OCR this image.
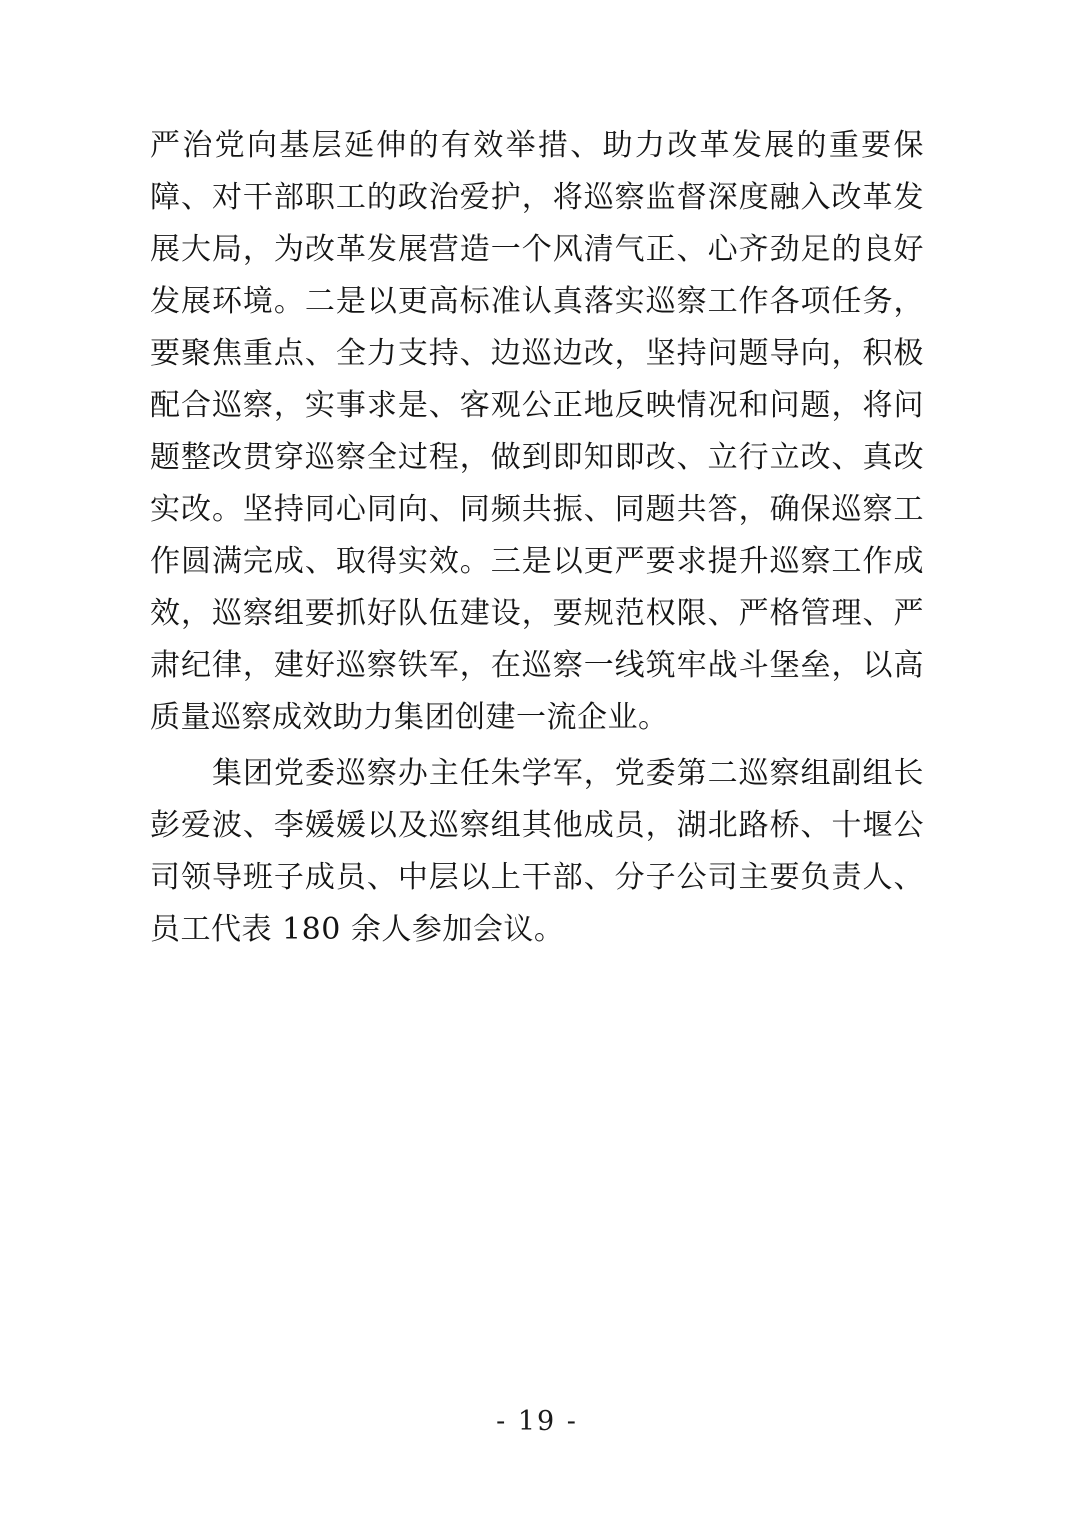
严治党向基层延伸的有效举措、助力改革发展的重要保障、对干部职工的政治爱护，将巡察监督深度融入改革发展大局，为改革发展营造一个风清气正、心齐劲足的良好发展环境。二是以更高标准认真落实巡察工作各项任务，要聚焦重点、全力支持、边巡边改，坚持问题导向，积极配合巡察，实事求是、客观公正地反映情况和问题，将问题整改贯穿巡察全过程，做到即知即改、立行立改、真改实改。坚持同心同向、同频共振、同题共答，确保巡察工作圆满完成、取得实效。三是以更严要求提升巡察工作成效，巡察组要抓好队伍建设，要规范权限、严格管理、严肃纪律，建好巡察铁军，在巡察一线筑牢战斗堡垒，以高质量巡察成效助力集团创建一流企业。

集团党委巡察办主任朱学军，党委第二巡察组副组长彭爱波、李媛媛以及巡察组其他成员，湖北路桥、十堰公司领导班子成员、中层以上干部、分子公司主要负责人、员工代表 180 余人参加会议。

- 19 -
